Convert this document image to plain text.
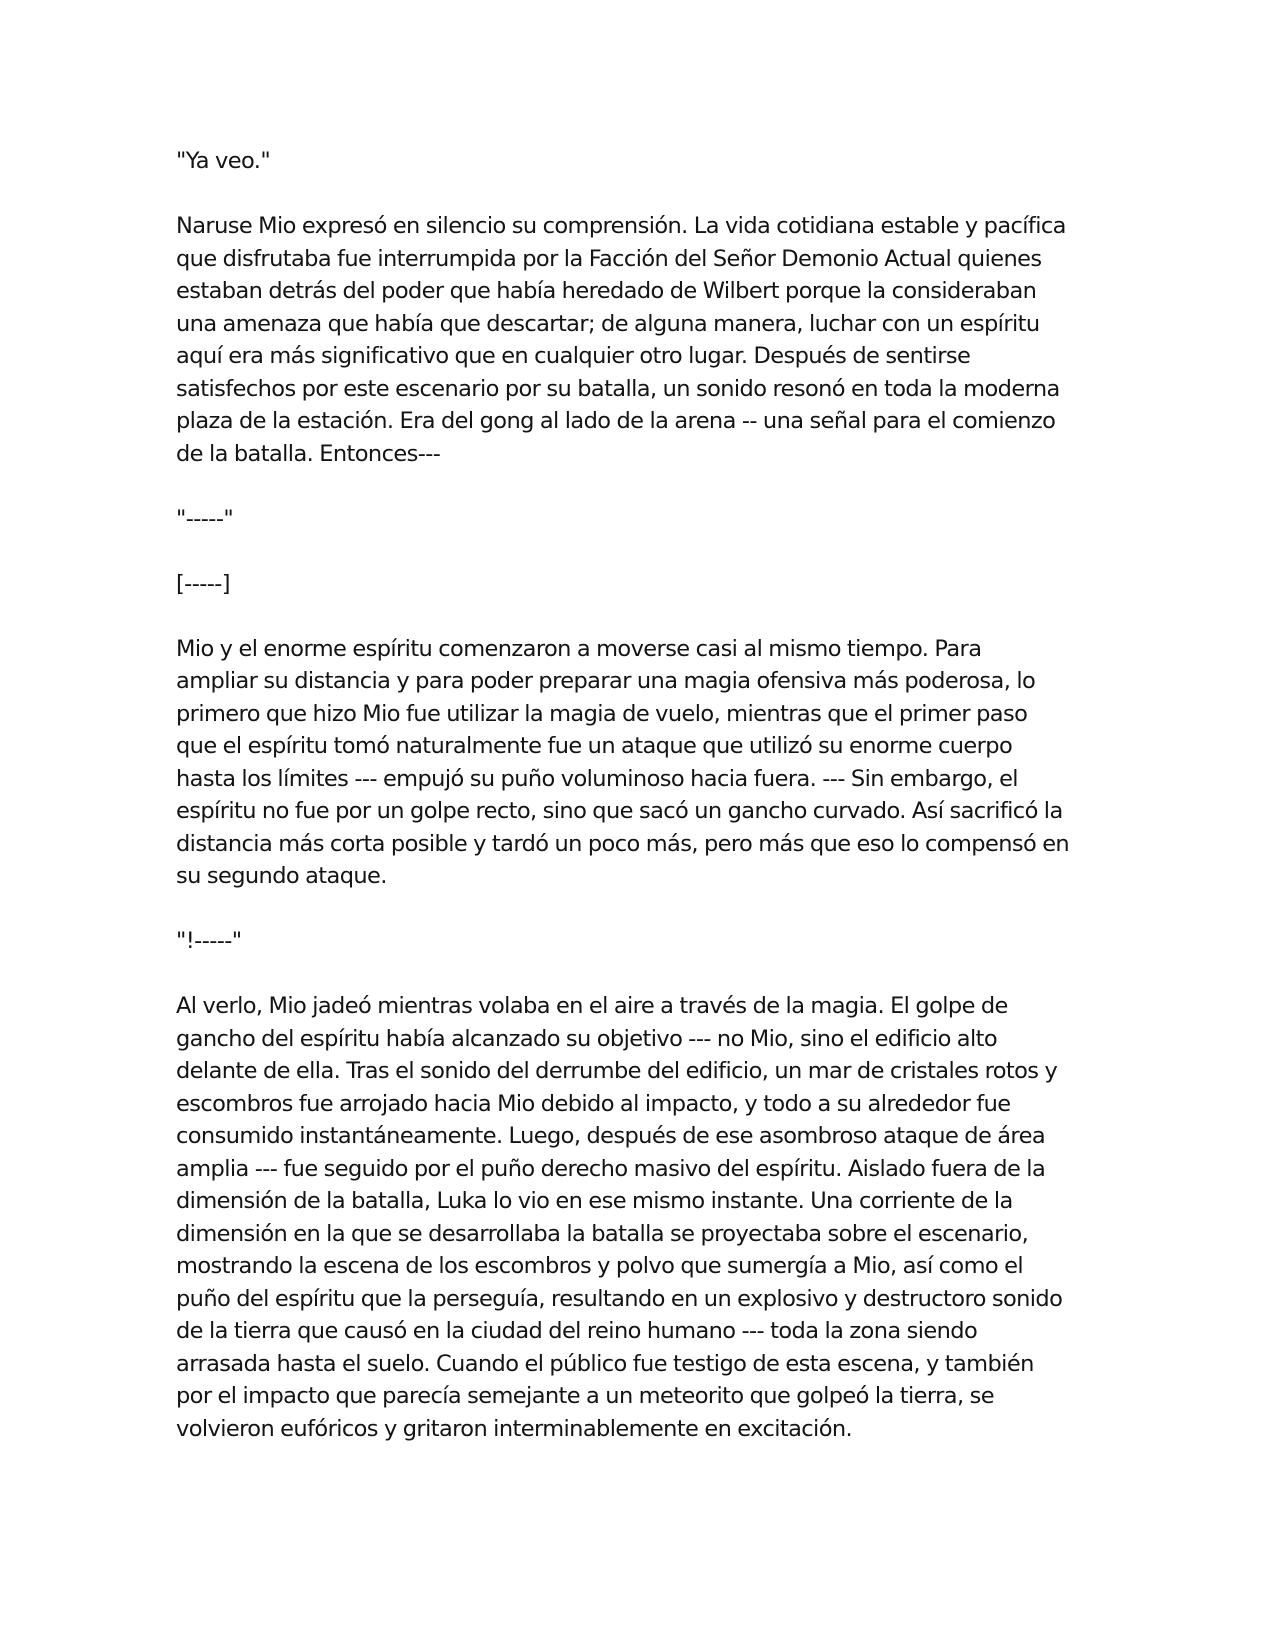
"Ya veo."

Naruse Mio expresó en silencio su comprensión. La vida cotidiana estable y pacífica
que disfrutaba fue interrumpida por la Facción del Señor Demonio Actual quienes
estaban detrás del poder que había heredado de Wilbert porque la consideraban
una amenaza que había que descartar; de alguna manera, luchar con un espíritu
aquí era más significativo que en cualquier otro lugar. Después de sentirse
satisfechos por este escenario por su batalla, un sonido resonó en toda la moderna
plaza de la estación. Era del gong al lado de la arena -- una señal para el comienzo
de la batalla. Entonces---

"-----"

[-----]

Mio y el enorme espíritu comenzaron a moverse casi al mismo tiempo. Para
ampliar su distancia y para poder preparar una magia ofensiva más poderosa, lo
primero que hizo Mio fue utilizar la magia de vuelo, mientras que el primer paso
que el espíritu tomó naturalmente fue un ataque que utilizó su enorme cuerpo
hasta los límites --- empujó su puño voluminoso hacia fuera. --- Sin embargo, el
espíritu no fue por un golpe recto, sino que sacó un gancho curvado. Así sacrificó la
distancia más corta posible y tardó un poco más, pero más que eso lo compensó en
su segundo ataque.

"!-----"

Al verlo, Mio jadeó mientras volaba en el aire a través de la magia. El golpe de
gancho del espíritu había alcanzado su objetivo --- no Mio, sino el edificio alto
delante de ella. Tras el sonido del derrumbe del edificio, un mar de cristales rotos y
escombros fue arrojado hacia Mio debido al impacto, y todo a su alrededor fue
consumido instantáneamente. Luego, después de ese asombroso ataque de área
amplia --- fue seguido por el puño derecho masivo del espíritu. Aislado fuera de la
dimensión de la batalla, Luka lo vio en ese mismo instante. Una corriente de la
dimensión en la que se desarrollaba la batalla se proyectaba sobre el escenario,
mostrando la escena de los escombros y polvo que sumergía a Mio, así como el
puño del espíritu que la perseguía, resultando en un explosivo y destructoro sonido
de la tierra que causó en la ciudad del reino humano --- toda la zona siendo
arrasada hasta el suelo. Cuando el público fue testigo de esta escena, y también
por el impacto que parecía semejante a un meteorito que golpeó la tierra, se
volvieron eufóricos y gritaron interminablemente en excitación.
